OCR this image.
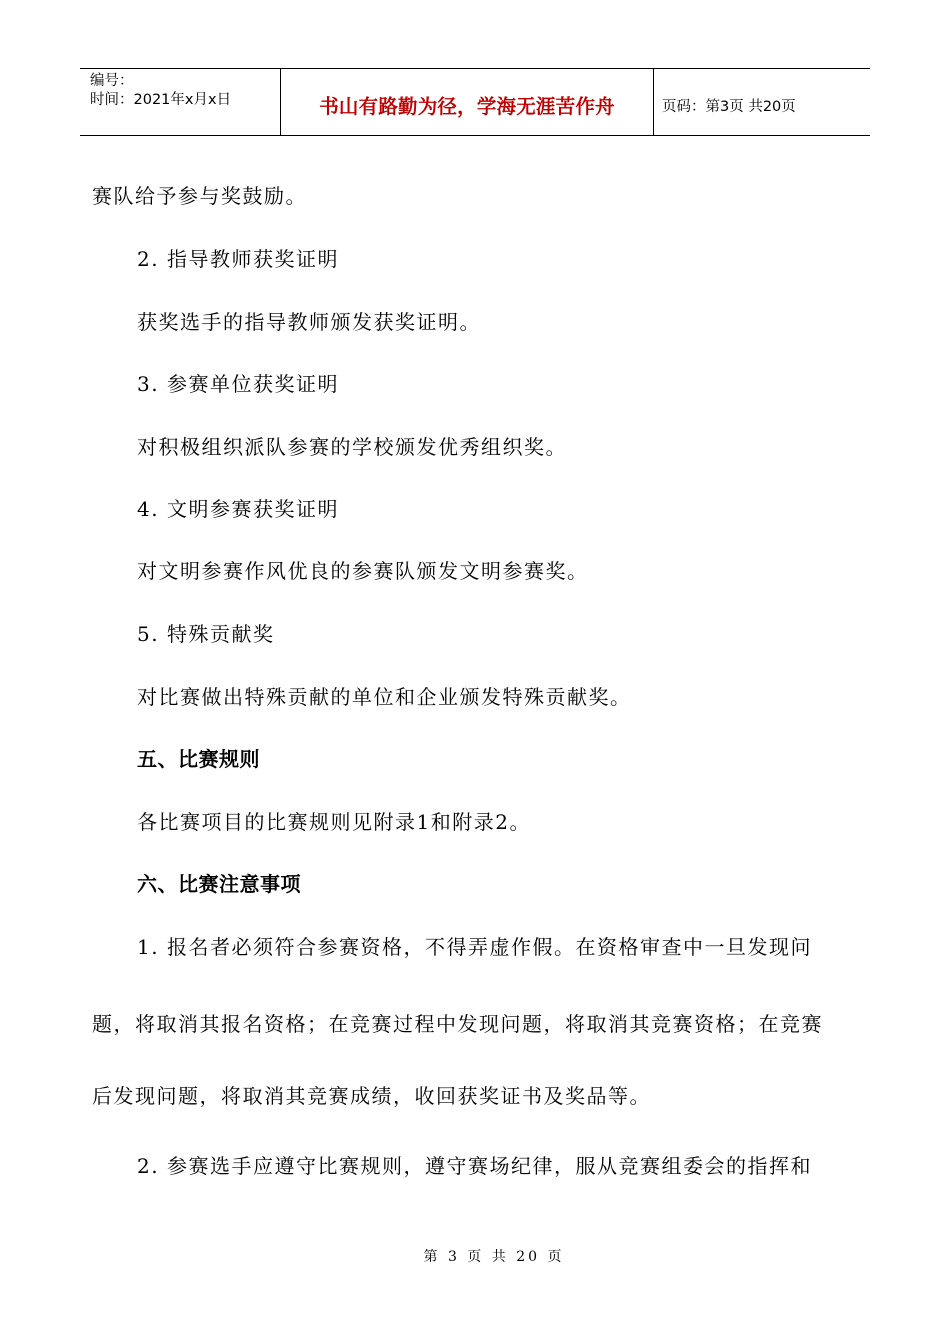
编号：
时间：2021年x月x日	书山有路勤为径，学海无涯苦作舟	页码：第3页 共20页
赛队给予参与奖鼓励。
2. 指导教师获奖证明
获奖选手的指导教师颁发获奖证明。
3. 参赛单位获奖证明
对积极组织派队参赛的学校颁发优秀组织奖。
4. 文明参赛获奖证明
对文明参赛作风优良的参赛队颁发文明参赛奖。
5. 特殊贡献奖
对比赛做出特殊贡献的单位和企业颁发特殊贡献奖。
五、比赛规则
各比赛项目的比赛规则见附录1和附录2。
六、比赛注意事项
1. 报名者必须符合参赛资格，不得弄虚作假。在资格审查中一旦发现问
题，将取消其报名资格；在竞赛过程中发现问题，将取消其竞赛资格；在竞赛
后发现问题，将取消其竞赛成绩，收回获奖证书及奖品等。
2. 参赛选手应遵守比赛规则，遵守赛场纪律，服从竞赛组委会的指挥和
第 3 页 共 20 页
